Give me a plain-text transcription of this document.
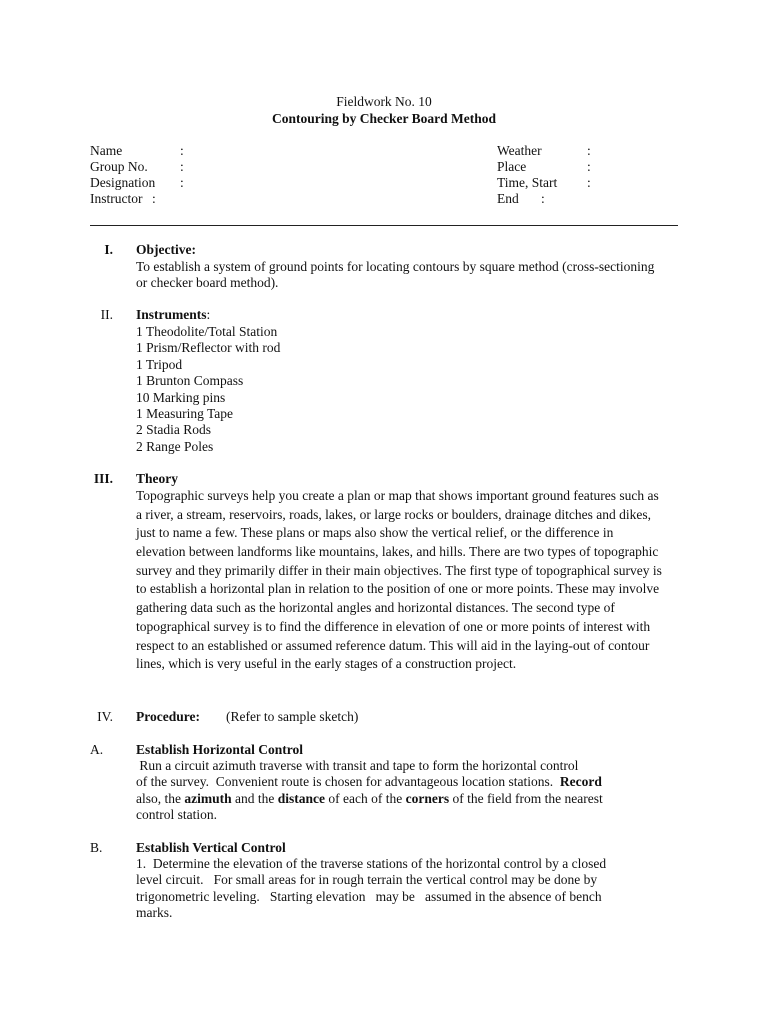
Fieldwork No. 10
Contouring by Checker Board Method
Name	:
Group No. :
Designation :
Instructor :
Weather	:
Place	:
Time, Start :
End :
I. Objective:
To establish a system of ground points for locating contours by square method (cross-sectioning
or checker board method).
II. Instruments:
1 Theodolite/Total Station
1 Prism/Reflector with rod
1 Tripod
1 Brunton Compass
10 Marking pins
1 Measuring Tape
2 Stadia Rods
2 Range Poles
III. Theory
Topographic surveys help you create a plan or map that shows important ground features such as
a river, a stream, reservoirs, roads, lakes, or large rocks or boulders, drainage ditches and dikes,
just to name a few. These plans or maps also show the vertical relief, or the difference in
elevation between landforms like mountains, lakes, and hills. There are two types of topographic
survey and they primarily differ in their main objectives. The first type of topographical survey is
to establish a horizontal plan in relation to the position of one or more points. These may involve
gathering data such as the horizontal angles and horizontal distances. The second type of
topographical survey is to find the difference in elevation of one or more points of interest with
respect to an established or assumed reference datum. This will aid in the laying-out of contour
lines, which is very useful in the early stages of a construction project.
IV. Procedure: (Refer to sample sketch)
A. Establish Horizontal Control
Run a circuit azimuth traverse with transit and tape to form the horizontal control
of the survey.  Convenient route is chosen for advantageous location stations.  Record
also, the azimuth and the distance of each of the corners of the field from the nearest
control station.
B. Establish Vertical Control
1.  Determine the elevation of the traverse stations of the horizontal control by a closed
level circuit.   For small areas for in rough terrain the vertical control may be done by
trigonometric leveling.   Starting elevation   may be   assumed in the absence of bench
marks.
